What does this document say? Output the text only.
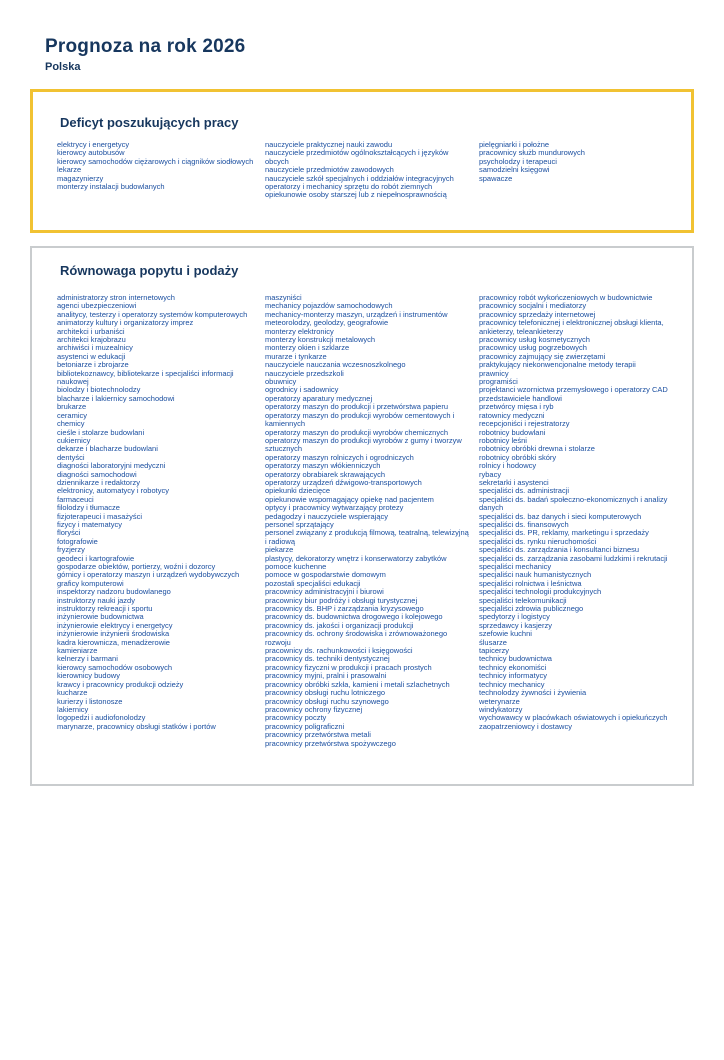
Prognoza na rok 2026
Polska
Deficyt poszukujących pracy
elektrycy i energetycy
kierowcy autobusów
kierowcy samochodów ciężarowych i ciągników siodłowych
lekarze
magazynierzy
monterzy instalacji budowlanych
nauczyciele praktycznej nauki zawodu
nauczyciele przedmiotów ogólnokształcących i języków obcych
nauczyciele przedmiotów zawodowych
nauczyciele szkół specjalnych i oddziałów integracyjnych
operatorzy i mechanicy sprzętu do robót ziemnych
opiekunowie osoby starszej lub z niepełnosprawnością
pielęgniarki i położne
pracownicy służb mundurowych
psycholodzy i terapeuci
samodzielni księgowi
spawacze
Równowaga popytu i podaży
administratorzy stron internetowych
agenci ubezpieczeniowi
analitycy, testerzy i operatorzy systemów komputerowych
animatorzy kultury i organizatorzy imprez
architekci i urbaniści
architekci krajobrazu
archiwiści i muzealnicy
asystenci w edukacji
betoniarze i zbrojarze
bibliotekoznawcy, bibliotekarze i specjaliści informacji naukowej
biolodzy i biotechnolodzy
blacharze i lakiernicy samochodowi
brukarze
ceramicy
chemicy
cieśle i stolarze budowlani
cukiernicy
dekarze i blacharze budowlani
dentyści
diagności laboratoryjni medyczni
diagności samochodowi
dziennikarze i redaktorzy
elektronicy, automatycy i robotycy
farmaceuci
filolodzy i tłumacze
fizjoterapeuci i masażyści
fizycy i matematycy
floryści
fotografowie
fryzjerzy
geodeci i kartografowie
gospodarze obiektów, portierzy, woźni i dozorcy
górnicy i operatorzy maszyn i urządzeń wydobywczych
graficy komputerowi
inspektorzy nadzoru budowlanego
instruktorzy nauki jazdy
instruktorzy rekreacji i sportu
inżynierowie budownictwa
inżynierowie elektrycy i energetycy
inżynierowie inżynierii środowiska
kadra kierownicza, menadżerowie
kamieniarze
kelnerzy i barmani
kierowcy samochodów osobowych
kierownicy budowy
krawcy i pracownicy produkcji odzieży
kucharze
kurierzy i listonosze
lakiernicy
logopedzi i audiofonolodzy
marynarze, pracownicy obsługi statków i portów
maszyniści
mechanicy pojazdów samochodowych
mechanicy-monterzy maszyn, urządzeń i instrumentów
meteorolodzy, geolodzy, geografowie
monterzy elektronicy
monterzy konstrukcji metalowych
monterzy okien i szklarze
murarze i tynkarze
nauczyciele nauczania wczesnoszkolnego
nauczyciele przedszkoli
obuwnicy
ogrodnicy i sadownicy
operatorzy aparatury medycznej
operatorzy maszyn do produkcji i przetwórstwa papieru
operatorzy maszyn do produkcji wyrobów cementowych i kamiennych
operatorzy maszyn do produkcji wyrobów chemicznych
operatorzy maszyn do produkcji wyrobów z gumy i tworzyw sztucznych
operatorzy maszyn rolniczych i ogrodniczych
operatorzy maszyn włókienniczych
operatorzy obrabiarek skrawających
operatorzy urządzeń dźwigowo-transportowych
opiekunki dziecięce
opiekunowie wspomagający opiekę nad pacjentem
optycy i pracownicy wytwarzający protezy
pedagodzy i nauczyciele wspierający
personel sprzątający
personel związany z produkcją filmową, teatralną, telewizyjną i radiową
piekarze
plastycy, dekoratorzy wnętrz i konserwatorzy zabytków
pomoce kuchenne
pomoce w gospodarstwie domowym
pozostali specjaliści edukacji
pracownicy administracyjni i biurowi
pracownicy biur podróży i obsługi turystycznej
pracownicy ds. BHP i zarządzania kryzysowego
pracownicy ds. budownictwa drogowego i kolejowego
pracownicy ds. jakości i organizacji produkcji
pracownicy ds. ochrony środowiska i zrównoważonego rozwoju
pracownicy ds. rachunkowości i księgowości
pracownicy ds. techniki dentystycznej
pracownicy fizyczni w produkcji i pracach prostych
pracownicy myjni, pralni i prasowalni
pracownicy obróbki szkła, kamieni i metali szlachetnych
pracownicy obsługi ruchu lotniczego
pracownicy obsługi ruchu szynowego
pracownicy ochrony fizycznej
pracownicy poczty
pracownicy poligraficzni
pracownicy przetwórstwa metali
pracownicy przetwórstwa spożywczego
pracownicy robót wykończeniowych w budownictwie
pracownicy socjalni i mediatorzy
pracownicy sprzedaży internetowej
pracownicy telefonicznej i elektronicznej obsługi klienta, ankieterzy, teleankieterzy
pracownicy usług kosmetycznych
pracownicy usług pogrzebowych
pracownicy zajmujący się zwierzętami
praktykujący niekonwencjonalne metody terapii
prawnicy
programiści
projektanci wzornictwa przemysłowego i operatorzy CAD
przedstawiciele handlowi
przetwórcy mięsa i ryb
ratownicy medyczni
recepcjoniści i rejestratorzy
robotnicy budowlani
robotnicy leśni
robotnicy obróbki drewna i stolarze
robotnicy obróbki skóry
rolnicy i hodowcy
rybacy
sekretarki i asystenci
specjaliści ds. administracji
specjaliści ds. badań społeczno-ekonomicznych i analizy danych
specjaliści ds. baz danych i sieci komputerowych
specjaliści ds. finansowych
specjaliści ds. PR, reklamy, marketingu i sprzedaży
specjaliści ds. rynku nieruchomości
specjaliści ds. zarządzania i konsultanci biznesu
specjaliści ds. zarządzania zasobami ludzkimi i rekrutacji
specjaliści mechanicy
specjaliści nauk humanistycznych
specjaliści rolnictwa i leśnictwa
specjaliści technologii produkcyjnych
specjaliści telekomunikacji
specjaliści zdrowia publicznego
spedytorzy i logistycy
sprzedawcy i kasjerzy
szefowie kuchni
ślusarze
tapicerzy
technicy budownictwa
technicy ekonomiści
technicy informatycy
technicy mechanicy
technolodzy żywności i żywienia
weterynarze
windykatorzy
wychowawcy w placówkach oświatowych i opiekuńczych
zaopatrzeniowcy i dostawcy
